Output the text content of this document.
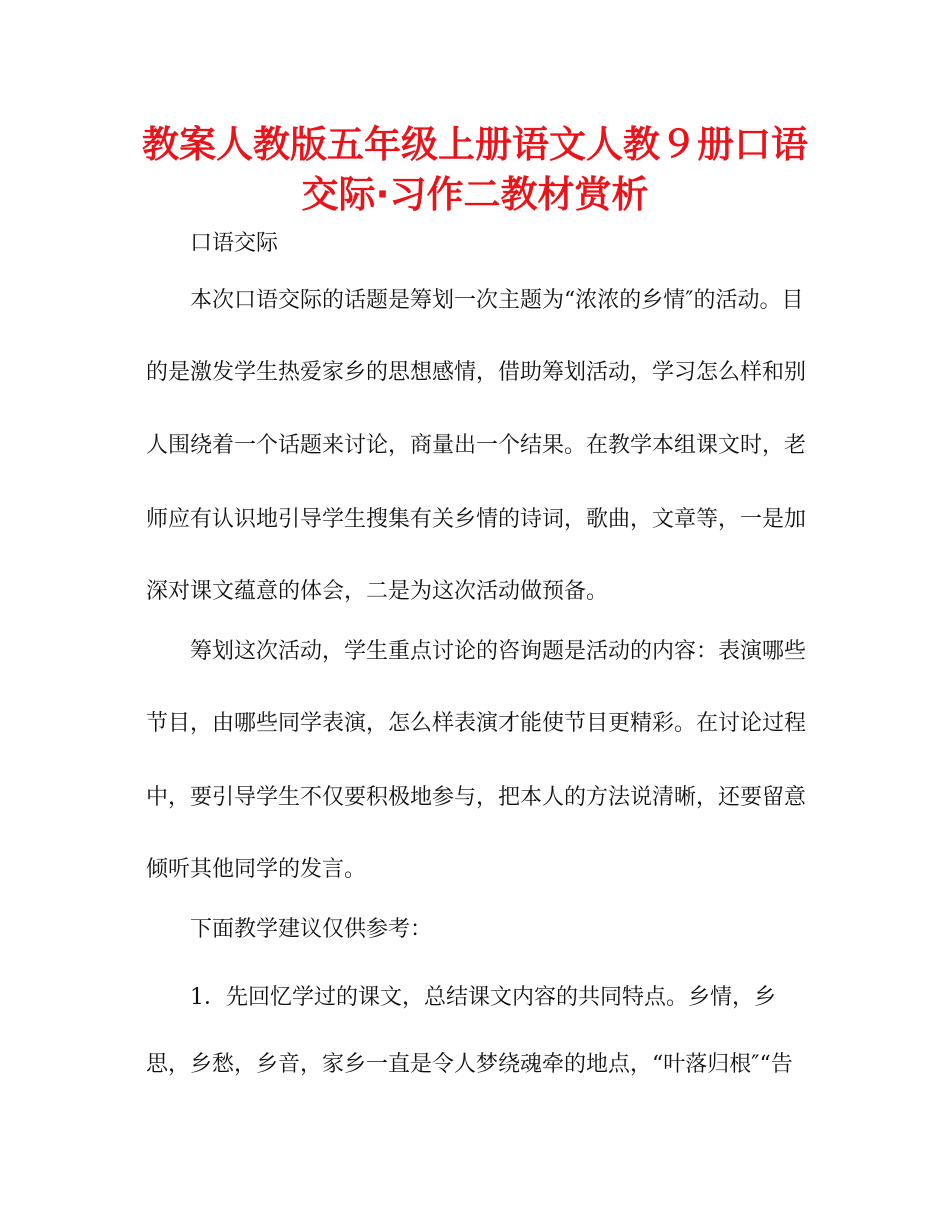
教案人教版五年级上册语文人教９册口语
交际·习作二教材赏析
口语交际
本次口语交际的话题是筹划一次主题为“浓浓的乡情″的活动。目
的是激发学生热爱家乡的思想感情，借助筹划活动，学习怎么样和别
人围绕着一个话题来讨论，商量出一个结果。在教学本组课文时，老
师应有认识地引导学生搜集有关乡情的诗词，歌曲，文章等，一是加
深对课文蕴意的体会，二是为这次活动做预备。
筹划这次活动，学生重点讨论的咨询题是活动的内容：表演哪些
节目，由哪些同学表演，怎么样表演才能使节目更精彩。在讨论过程
中，要引导学生不仅要积极地参与，把本人的方法说清晰，还要留意
倾听其他同学的发言。
下面教学建议仅供参考：
1．先回忆学过的课文，总结课文内容的共同特点。乡情，乡
思，乡愁，乡音，家乡一直是令人梦绕魂牵的地点，“叶落归根″“告
